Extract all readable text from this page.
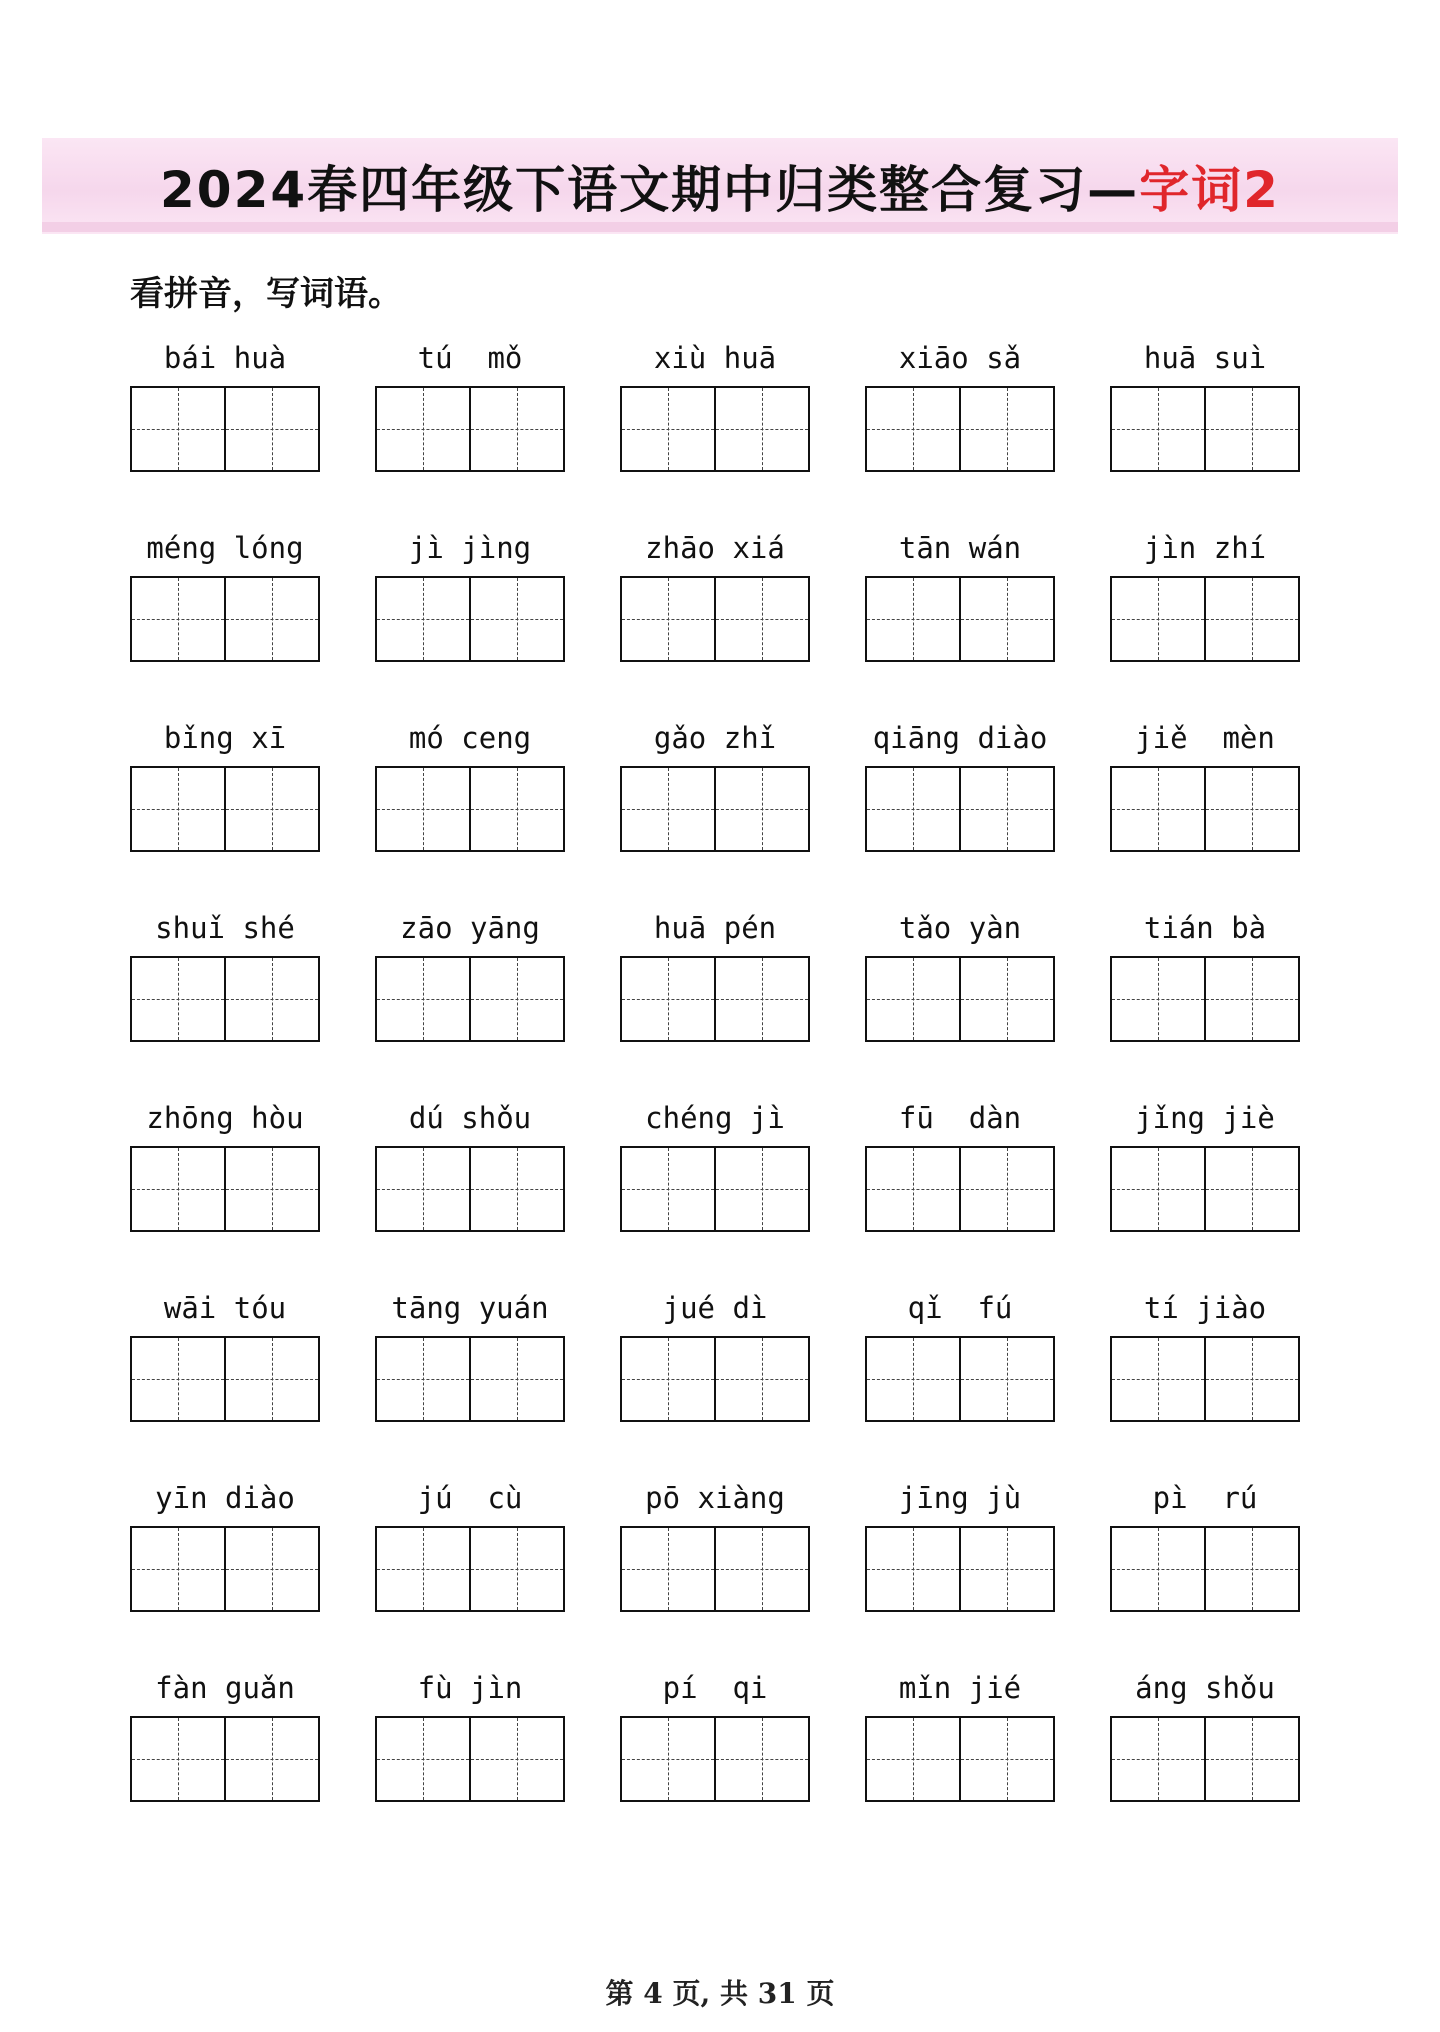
2024春四年级下语文期中归类整合复习—字词2
看拼音，写词语。
bái huà	tú  mǒ	xiù huā	xiāo sǎ	huā suì
méng lóng	jì jìng	zhāo xiá	tān wán	jìn zhí
bǐng xī	mó ceng	gǎo zhǐ	qiāng diào	jiě  mèn
shuǐ shé	zāo yāng	huā pén	tǎo yàn	tián bà
zhōng hòu	dú shǒu	chéng jì	fū  dàn	jǐng jiè
wāi tóu	tāng yuán	jué dì	qǐ  fú	tí jiào
yīn diào	jú  cù	pō xiàng	jīng jù	pì  rú
fàn guǎn	fù jìn	pí  qi	mǐn jié	áng shǒu
第 4 页, 共 31 页
